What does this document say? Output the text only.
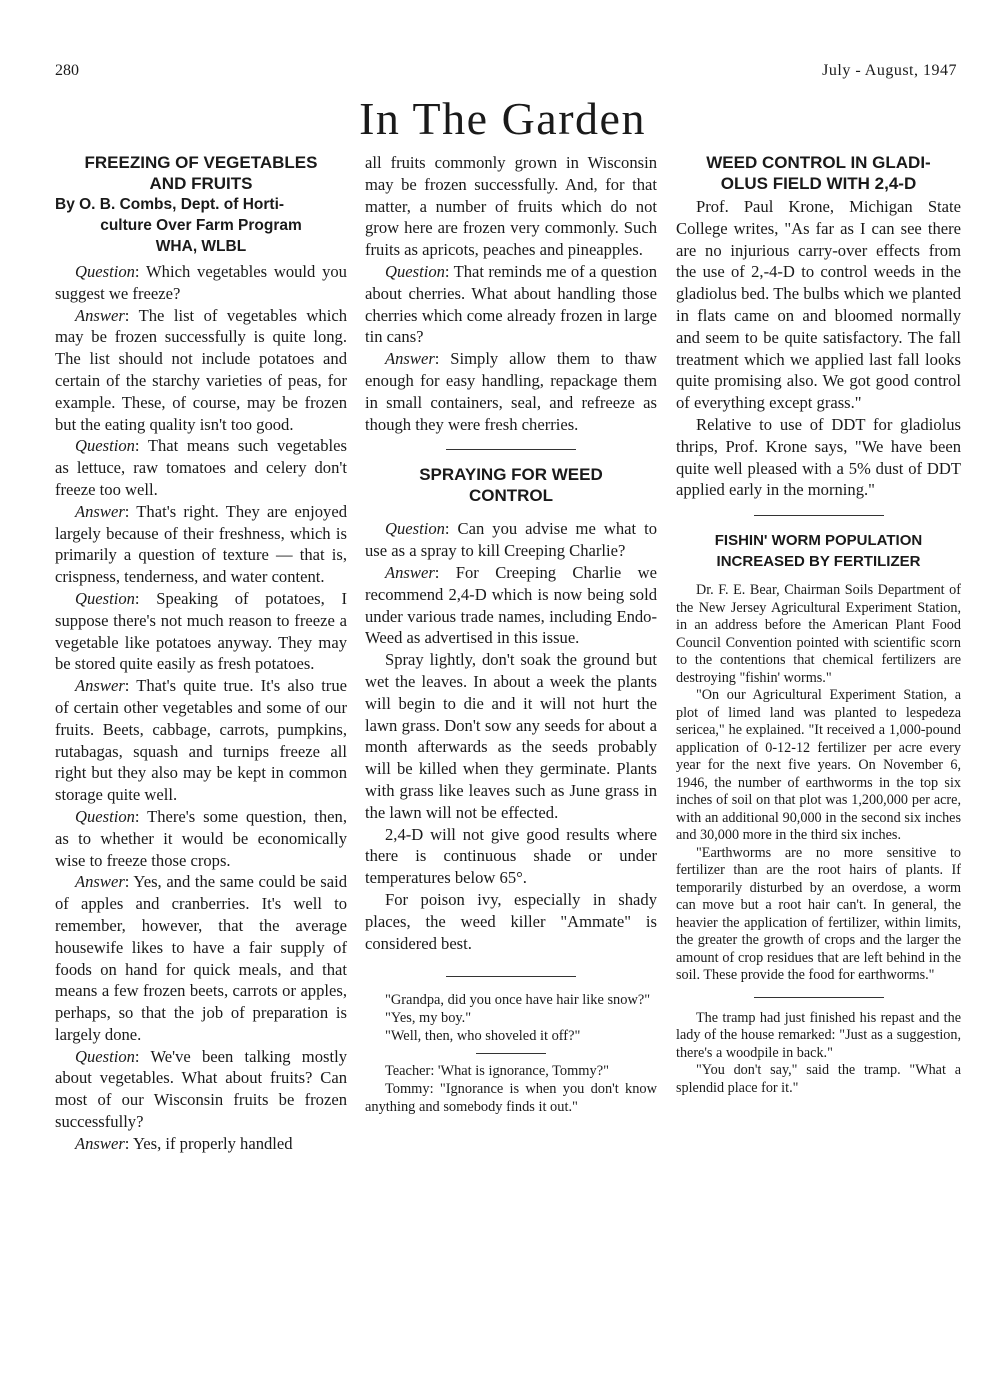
280	July - August, 1947
In The Garden
FREEZING OF VEGETABLES
AND FRUITS
By O. B. Combs, Dept. of Horti-
culture Over Farm Program
WHA, WLBL

Question: Which vegetables would you suggest we freeze?

Answer: The list of vegetables which may be frozen successfully is quite long. The list should not include potatoes and certain of the starchy varieties of peas, for example. These, of course, may be frozen but the eating quality isn't too good.

Question: That means such vegetables as lettuce, raw tomatoes and celery don't freeze too well.

Answer: That's right. They are enjoyed largely because of their freshness, which is primarily a question of texture — that is, crispness, tenderness, and water content.

Question: Speaking of potatoes, I suppose there's not much reason to freeze a vegetable like potatoes anyway. They may be stored quite easily as fresh potatoes.

Answer: That's quite true. It's also true of certain other vegetables and some of our fruits. Beets, cabbage, carrots, pumpkins, rutabagas, squash and turnips freeze all right but they also may be kept in common storage quite well.

Question: There's some question, then, as to whether it would be economically wise to freeze those crops.

Answer: Yes, and the same could be said of apples and cranberries. It's well to remember, however, that the average housewife likes to have a fair supply of foods on hand for quick meals, and that means a few frozen beets, carrots or apples, perhaps, so that the job of preparation is largely done.

Question: We've been talking mostly about vegetables. What about fruits? Can most of our Wisconsin fruits be frozen successfully?

Answer: Yes, if properly handled

all fruits commonly grown in Wisconsin may be frozen successfully. And, for that matter, a number of fruits which do not grow here are frozen very commonly. Such fruits as apricots, peaches and pineapples.

Question: That reminds me of a question about cherries. What about handling those cherries which come already frozen in large tin cans?

Answer: Simply allow them to thaw enough for easy handling, repackage them in small containers, seal, and refreeze as though they were fresh cherries.

SPRAYING FOR WEED
CONTROL

Question: Can you advise me what to use as a spray to kill Creeping Charlie?

Answer: For Creeping Charlie we recommend 2,4-D which is now being sold under various trade names, including Endo-Weed as advertised in this issue.

Spray lightly, don't soak the ground but wet the leaves. In about a week the plants will begin to die and it will not hurt the lawn grass. Don't sow any seeds for about a month afterwards as the seeds probably will be killed when they germinate. Plants with grass like leaves such as June grass in the lawn will not be effected.

2,4-D will not give good results where there is continuous shade or under temperatures below 65°.

For poison ivy, especially in shady places, the weed killer "Ammate" is considered best.

"Grandpa, did you once have hair like snow?"

"Yes, my boy."

"Well, then, who shoveled it off?"

Teacher: 'What is ignorance, Tommy?"

Tommy: "Ignorance is when you don't know anything and somebody finds it out."

WEED CONTROL IN GLADI-
OLUS FIELD WITH 2,4-D

Prof. Paul Krone, Michigan State College writes, "As far as I can see there are no injurious carry-over effects from the use of 2,-4-D to control weeds in the gladiolus bed. The bulbs which we planted in flats came on and bloomed normally and seem to be quite satisfactory. The fall treatment which we applied last fall looks quite promising also. We got good control of everything except grass."

Relative to use of DDT for gladiolus thrips, Prof. Krone says, "We have been quite well pleased with a 5% dust of DDT applied early in the morning."

FISHIN' WORM POPULATION
INCREASED BY FERTILIZER

Dr. F. E. Bear, Chairman Soils Department of the New Jersey Agricultural Experiment Station, in an address before the American Plant Food Council Convention pointed with scientific scorn to the contentions that chemical fertilizers are destroying "fishin' worms."

"On our Agricultural Experiment Station, a plot of limed land was planted to lespedeza sericea," he explained. "It received a 1,000-pound application of 0-12-12 fertilizer per acre every year for the next five years. On November 6, 1946, the number of earthworms in the top six inches of soil on that plot was 1,200,000 per acre, with an additional 90,000 in the second six inches and 30,000 more in the third six inches.

"Earthworms are no more sensitive to fertilizer than are the root hairs of plants. If temporarily disturbed by an overdose, a worm can move but a root hair can't. In general, the heavier the application of fertilizer, within limits, the greater the growth of crops and the larger the amount of crop residues that are left behind in the soil. These provide the food for earthworms."

The tramp had just finished his repast and the lady of the house remarked: "Just as a suggestion, there's a woodpile in back."

"You don't say," said the tramp. "What a splendid place for it."
